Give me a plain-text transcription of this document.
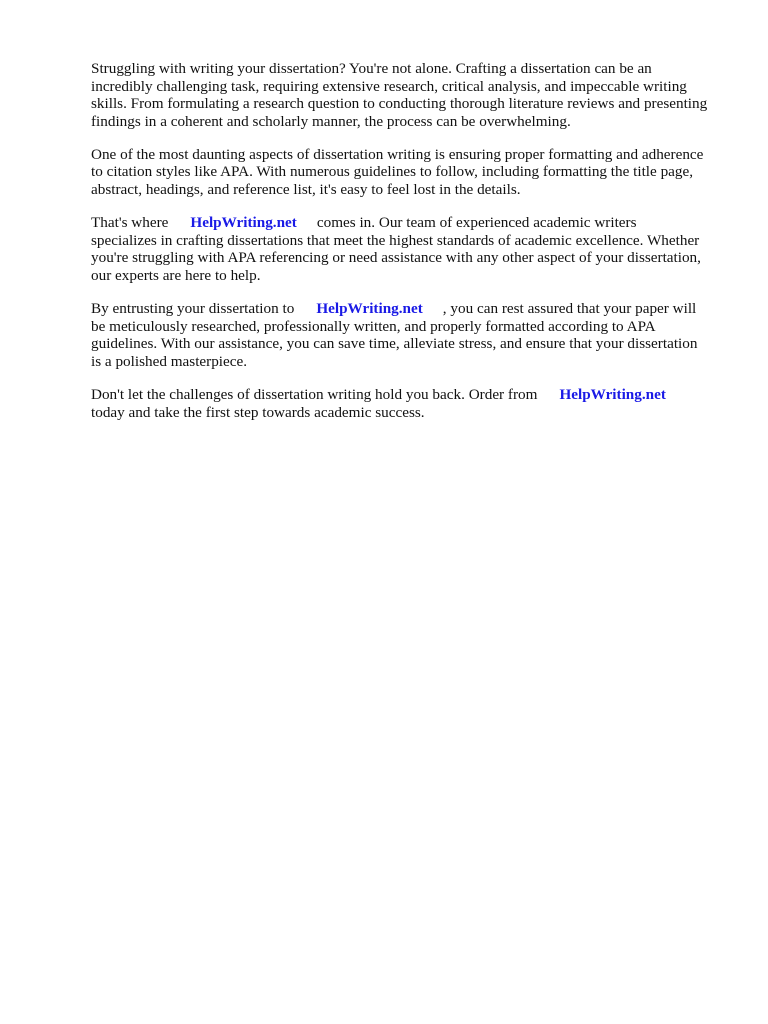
Struggling with writing your dissertation? You're not alone. Crafting a dissertation can be an
incredibly challenging task, requiring extensive research, critical analysis, and impeccable writing
skills. From formulating a research question to conducting thorough literature reviews and presenting
findings in a coherent and scholarly manner, the process can be overwhelming.

One of the most daunting aspects of dissertation writing is ensuring proper formatting and adherence
to citation styles like APA. With numerous guidelines to follow, including formatting the title page,
abstract, headings, and reference list, it's easy to feel lost in the details.

That's where HelpWriting.net comes in. Our team of experienced academic writers
specializes in crafting dissertations that meet the highest standards of academic excellence. Whether
you're struggling with APA referencing or need assistance with any other aspect of your dissertation,
our experts are here to help.

By entrusting your dissertation to HelpWriting.net , you can rest assured that your paper will
be meticulously researched, professionally written, and properly formatted according to APA
guidelines. With our assistance, you can save time, alleviate stress, and ensure that your dissertation
is a polished masterpiece.

Don't let the challenges of dissertation writing hold you back. Order from HelpWriting.net
today and take the first step towards academic success.
